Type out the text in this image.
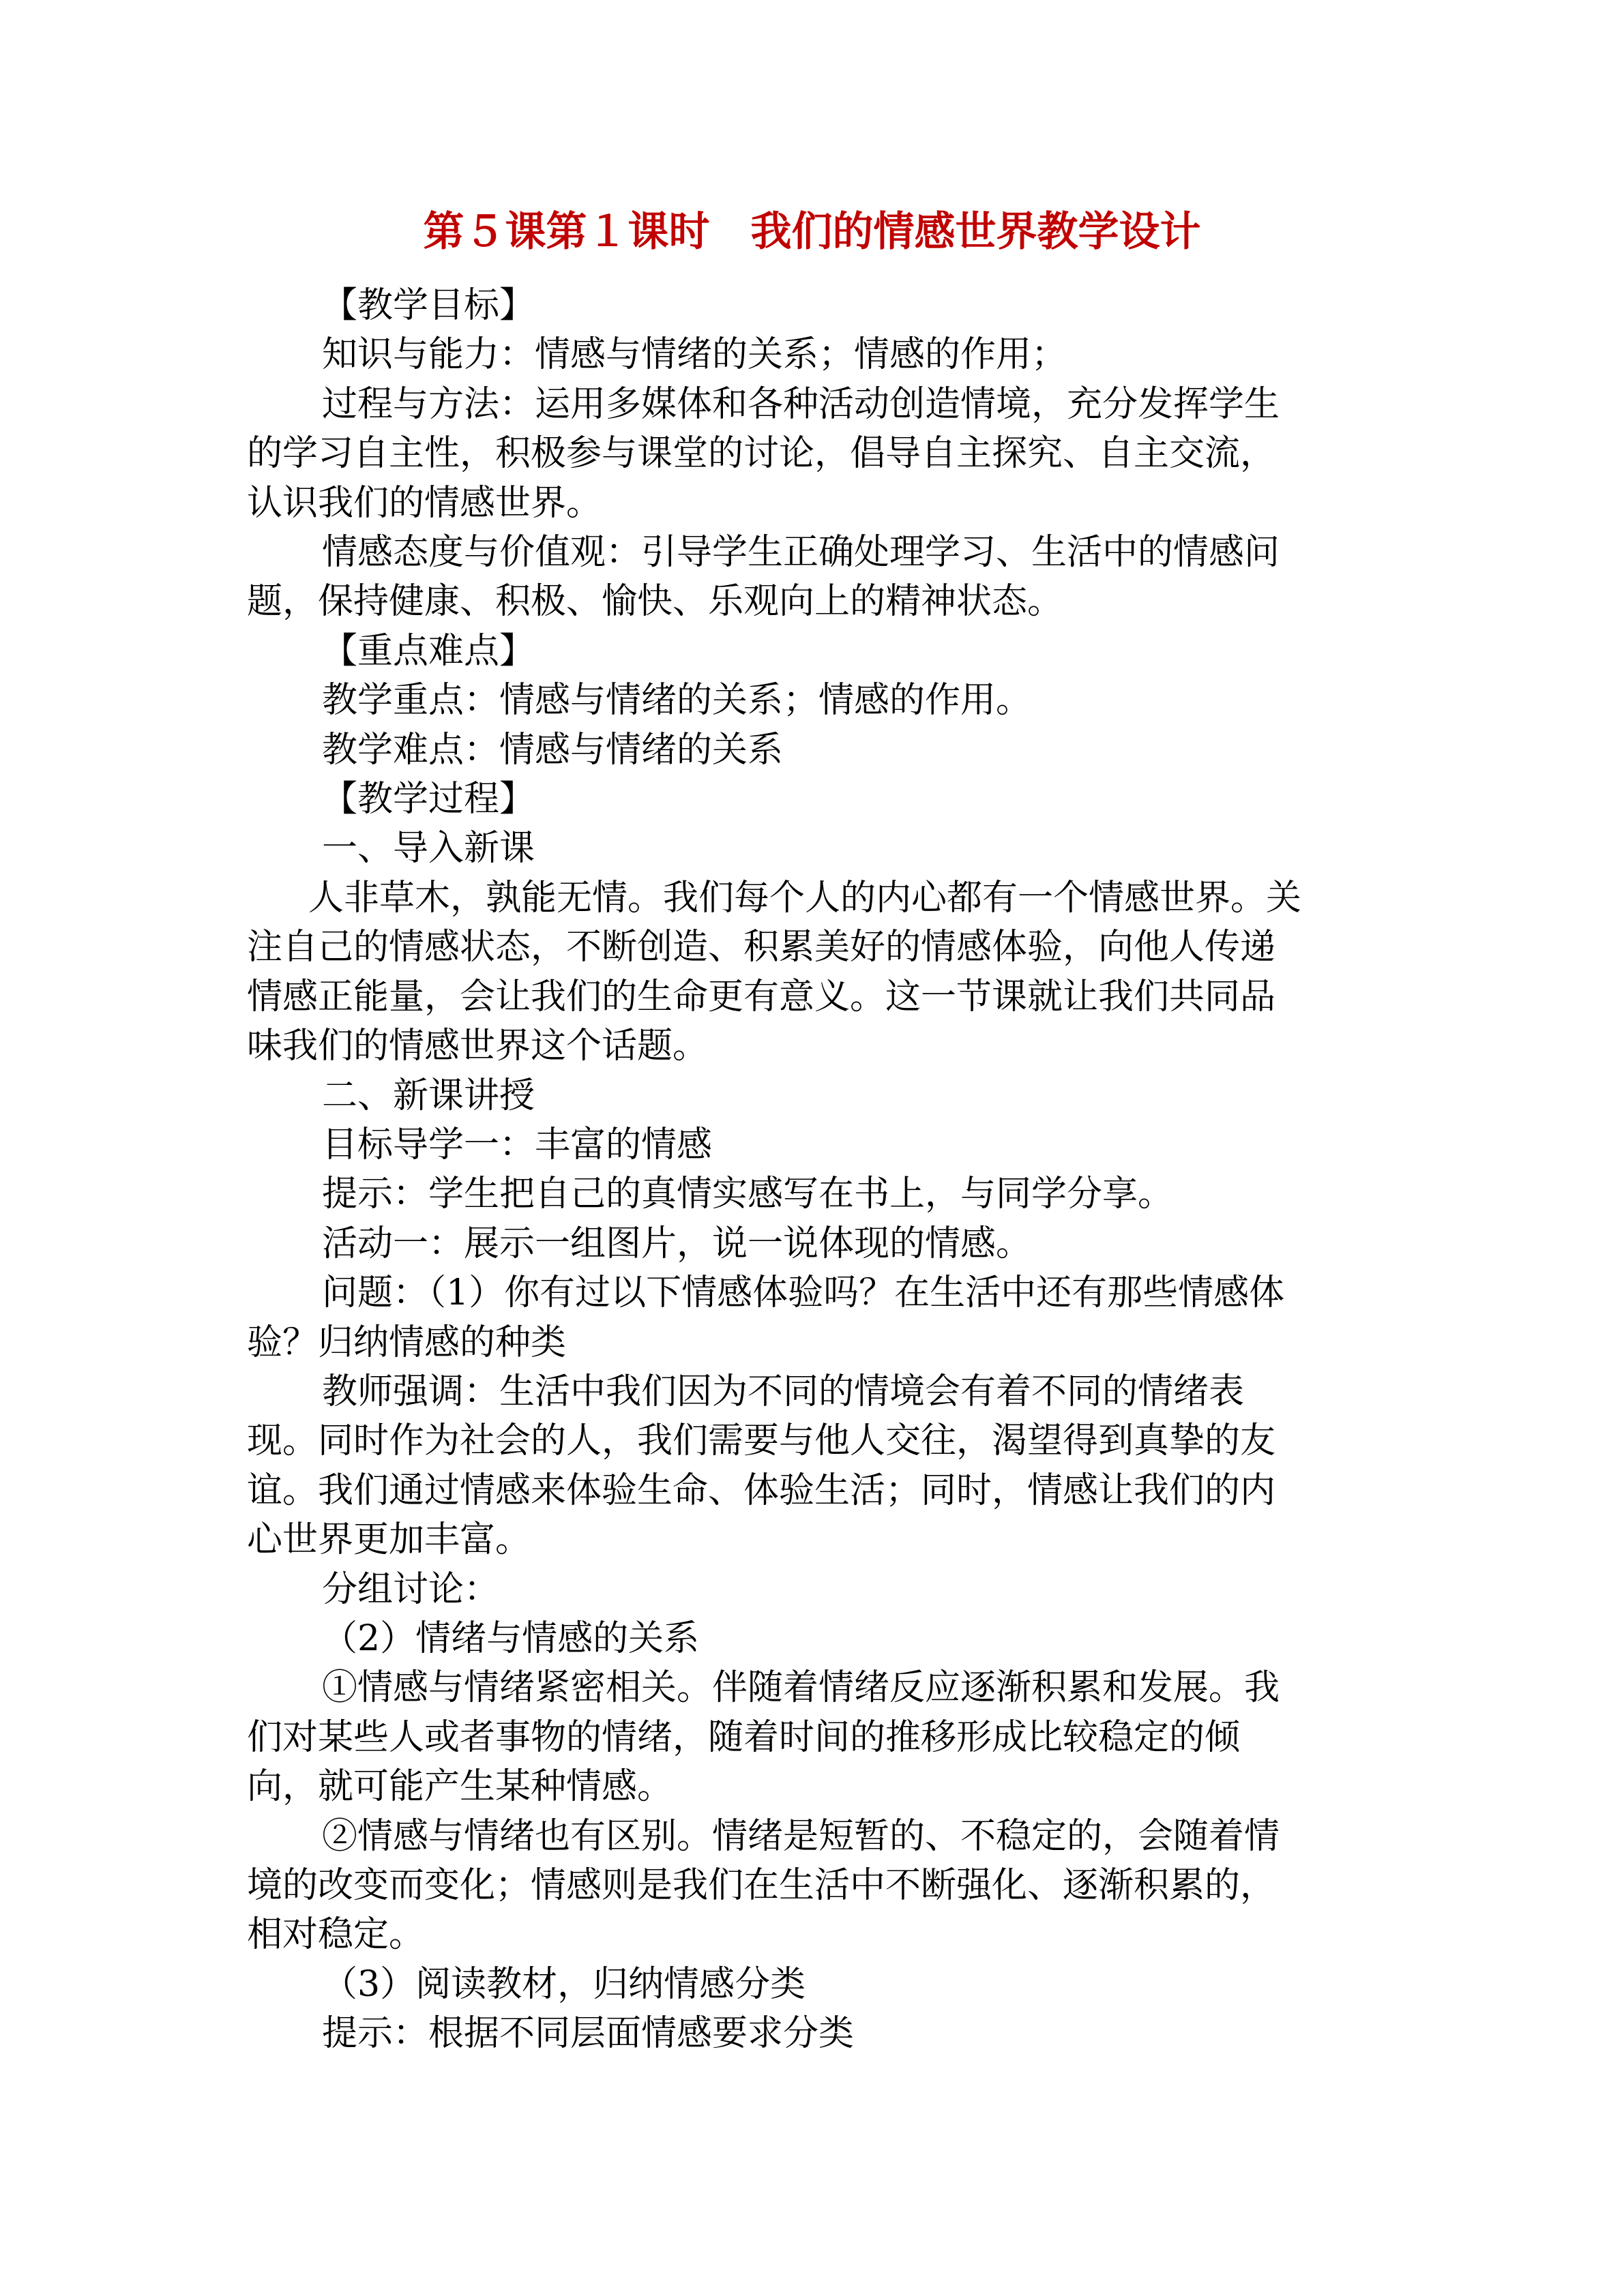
第５课第１课时　我们的情感世界教学设计

【教学目标】

知识与能力：情感与情绪的关系；情感的作用；

过程与方法：运用多媒体和各种活动创造情境，充分发挥学生

的学习自主性，积极参与课堂的讨论，倡导自主探究、自主交流，

认识我们的情感世界。

情感态度与价值观：引导学生正确处理学习、生活中的情感问

题，保持健康、积极、愉快、乐观向上的精神状态。

【重点难点】

教学重点：情感与情绪的关系；情感的作用。

教学难点：情感与情绪的关系

【教学过程】

一、导入新课

人非草木，孰能无情。我们每个人的内心都有一个情感世界。关

注自己的情感状态，不断创造、积累美好的情感体验，向他人传递

情感正能量，会让我们的生命更有意义。这一节课就让我们共同品

味我们的情感世界这个话题。

二、新课讲授

目标导学一：丰富的情感

提示：学生把自己的真情实感写在书上，与同学分享。

活动一：展示一组图片，说一说体现的情感。

问题：（1）你有过以下情感体验吗？在生活中还有那些情感体

验？归纳情感的种类

教师强调：生活中我们因为不同的情境会有着不同的情绪表

现。同时作为社会的人，我们需要与他人交往，渴望得到真挚的友

谊。我们通过情感来体验生命、体验生活；同时，情感让我们的内

心世界更加丰富。

分组讨论：

（2）情绪与情感的关系

①情感与情绪紧密相关。伴随着情绪反应逐渐积累和发展。我

们对某些人或者事物的情绪，随着时间的推移形成比较稳定的倾

向，就可能产生某种情感。

②情感与情绪也有区别。情绪是短暂的、不稳定的，会随着情

境的改变而变化；情感则是我们在生活中不断强化、逐渐积累的，

相对稳定。

（3）阅读教材，归纳情感分类

提示：根据不同层面情感要求分类
